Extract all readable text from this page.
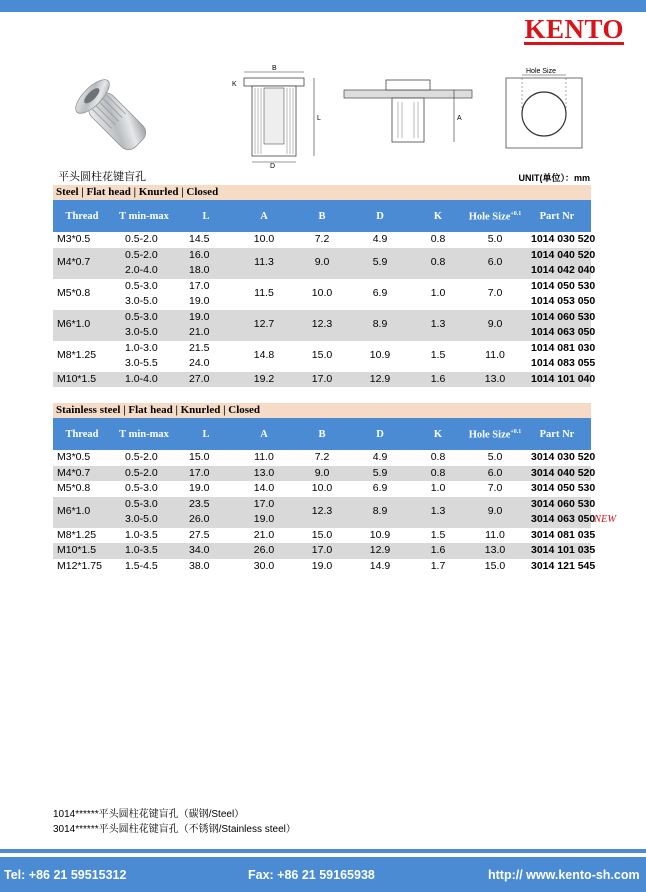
KENTO
B
K
L
D
A
Hole Size
平头圆柱花键盲孔	UNIT(单位）：mm
Steel | Flat head | Knurled | Closed
Thread	T min-max	L	A	B	D	K	Hole Size$^{+0.1}$	Part Nr
M3*0.5	0.5-2.0	14.5	10.0	7.2	4.9	0.8	5.0	1014 030 520
M4*0.7	0.5-2.0	16.0	11.3	9.0	5.9	0.8	6.0	1014 040 520
	2.0-4.0	18.0						1014 042 040
M5*0.8	0.5-3.0	17.0	11.5	10.0	6.9	1.0	7.0	1014 050 530
	3.0-5.0	19.0						1014 053 050
M6*1.0	0.5-3.0	19.0	12.7	12.3	8.9	1.3	9.0	1014 060 530
	3.0-5.0	21.0						1014 063 050
M8*1.25	1.0-3.0	21.5	14.8	15.0	10.9	1.5	11.0	1014 081 030
	3.0-5.5	24.0						1014 083 055
M10*1.5	1.0-4.0	27.0	19.2	17.0	12.9	1.6	13.0	1014 101 040
Stainless steel | Flat head | Knurled | Closed
Thread	T min-max	L	A	B	D	K	Hole Size$^{+0.1}$	Part Nr
M3*0.5	0.5-2.0	15.0	11.0	7.2	4.9	0.8	5.0	3014 030 520
M4*0.7	0.5-2.0	17.0	13.0	9.0	5.9	0.8	6.0	3014 040 520
M5*0.8	0.5-3.0	19.0	14.0	10.0	6.9	1.0	7.0	3014 050 530
M6*1.0	0.5-3.0	23.5	17.0	12.3	8.9	1.3	9.0	3014 060 530
	3.0-5.0	26.0	19.0					3014 063 050
M8*1.25	1.0-3.5	27.5	21.0	15.0	10.9	1.5	11.0	3014 081 035
M10*1.5	1.0-3.5	34.0	26.0	17.0	12.9	1.6	13.0	3014 101 035
M12*1.75	1.5-4.5	38.0	30.0	19.0	14.9	1.7	15.0	3014 121 545
NEW
1014******平头圆柱花键盲孔（碳钢/Steel）
3014******平头圆柱花键盲孔（不锈钢/Stainless steel）
Tel: +86 21 59515312	Fax: +86 21 59165938	http:// www.kento-sh.com
